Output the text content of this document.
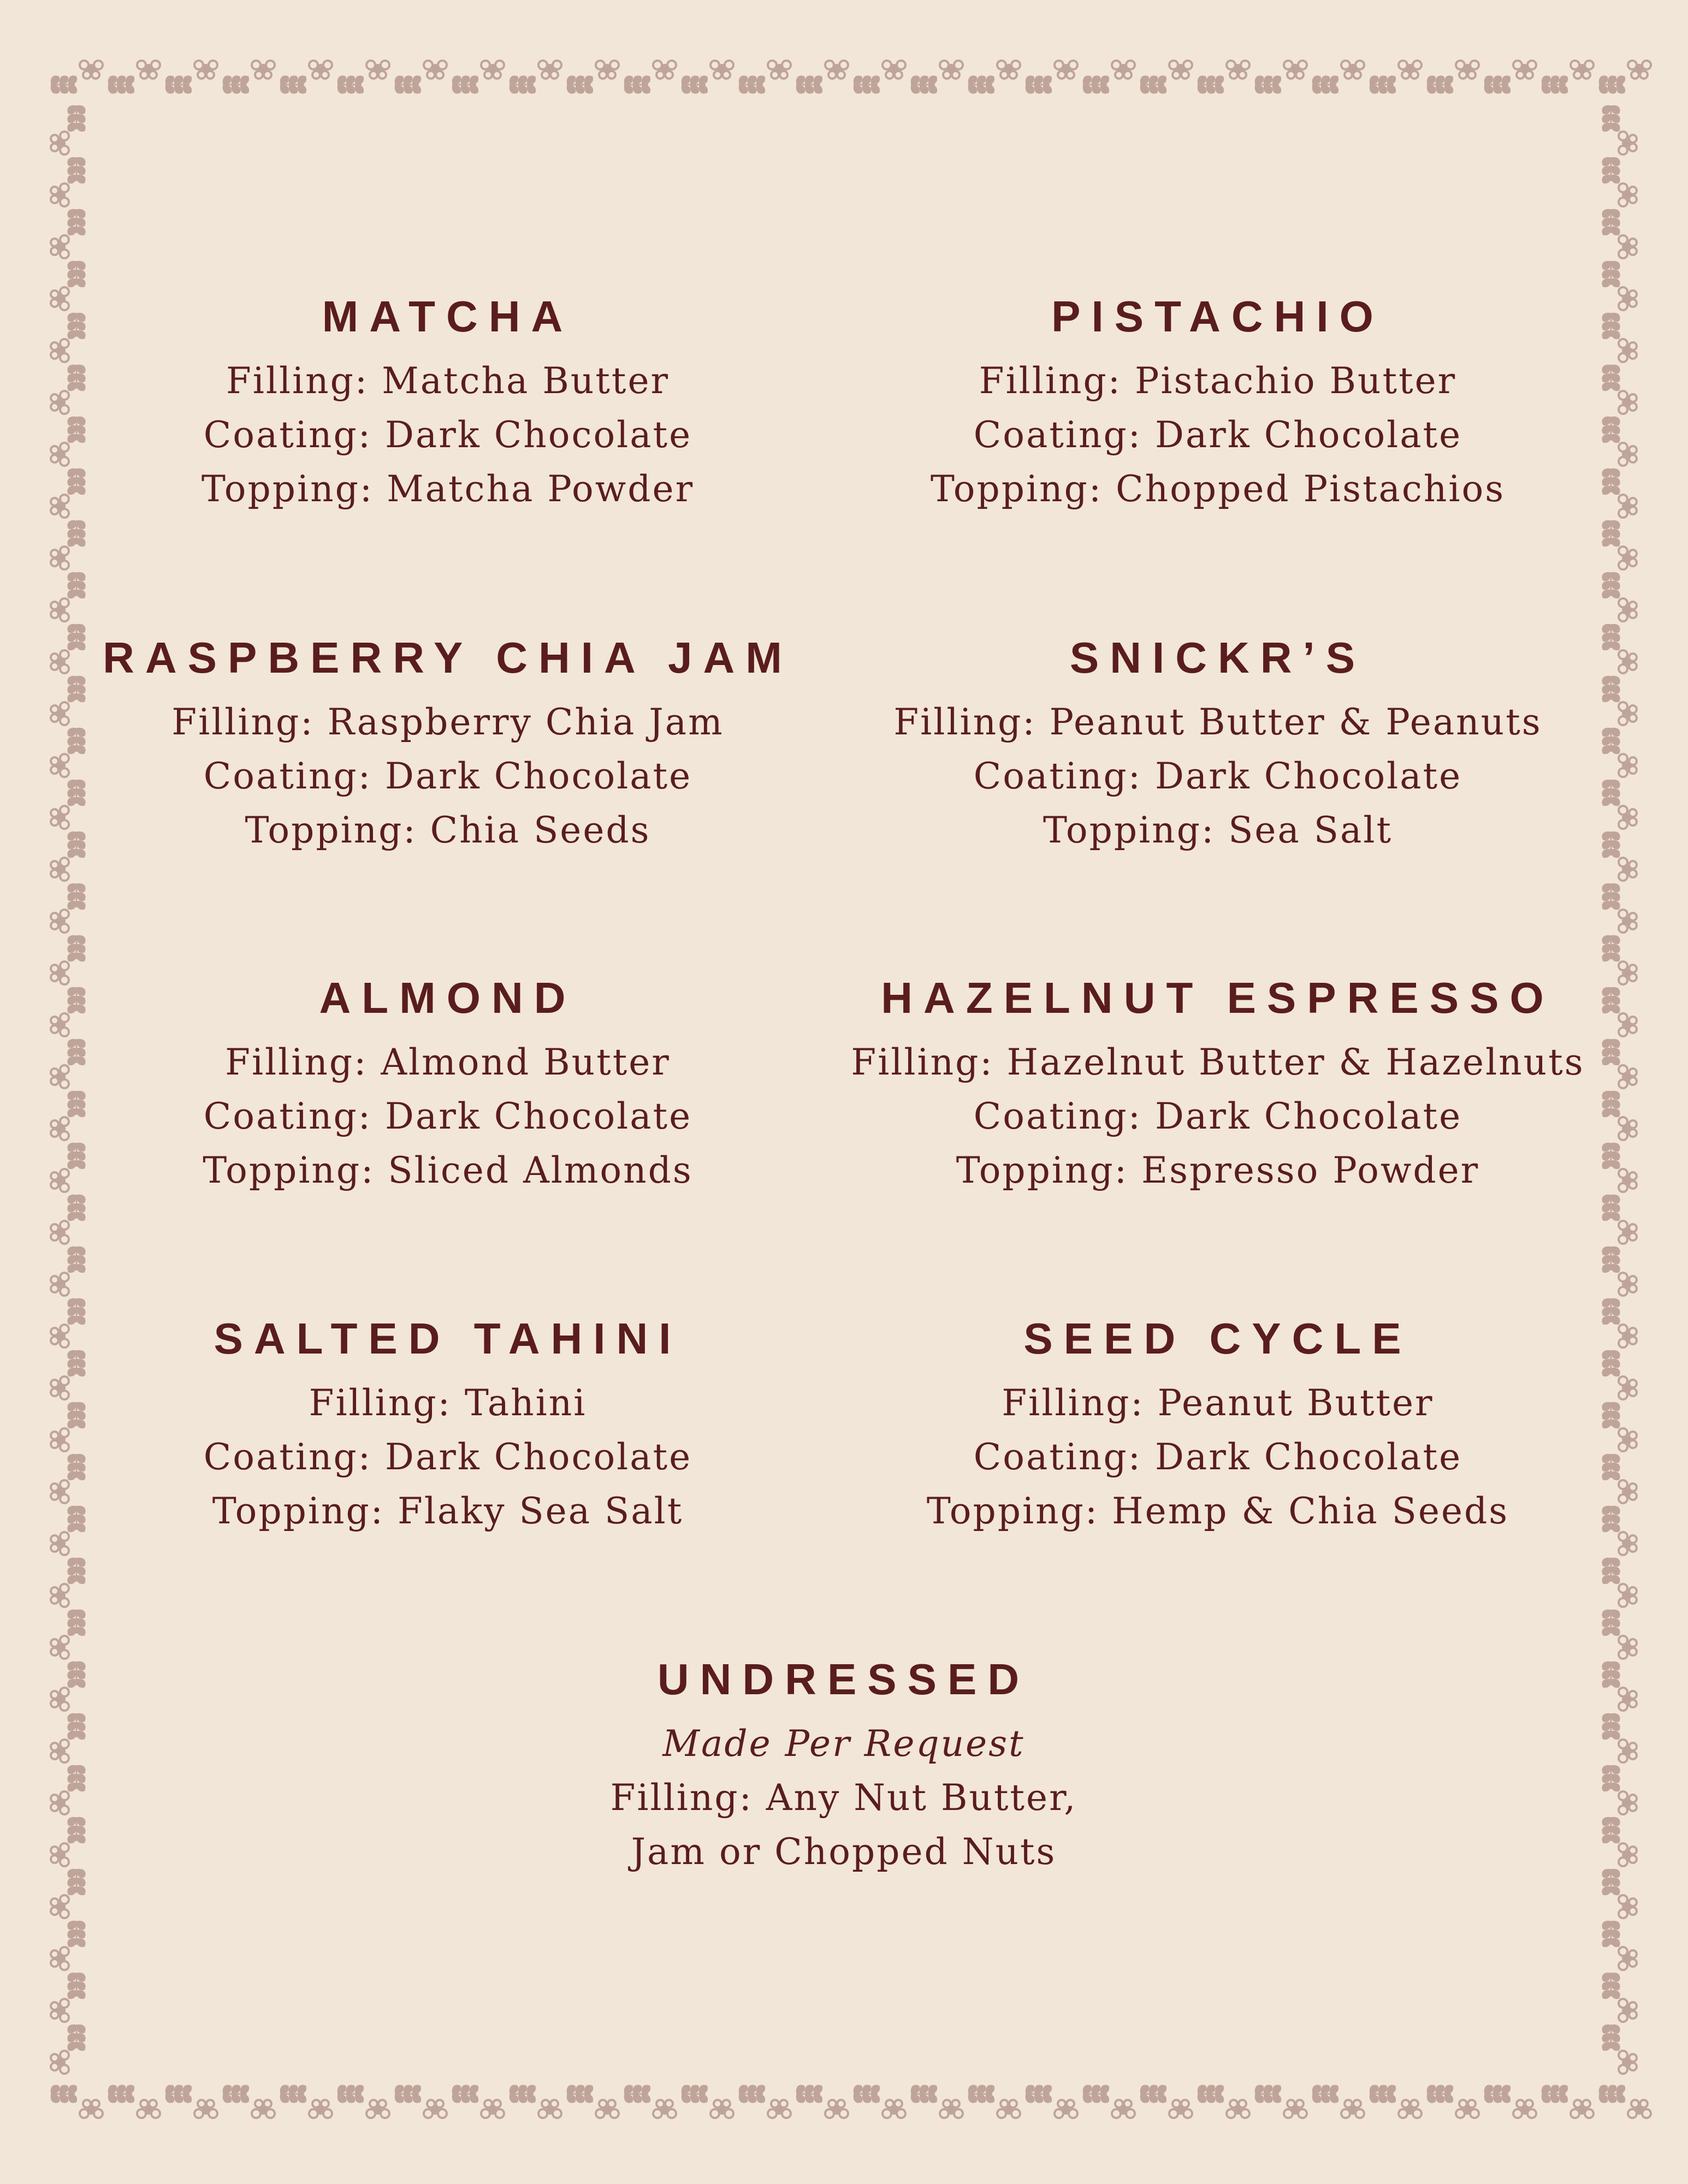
MATCHA
Filling: Matcha Butter
Coating: Dark Chocolate
Topping: Matcha Powder
PISTACHIO
Filling: Pistachio Butter
Coating: Dark Chocolate
Topping: Chopped Pistachios
RASPBERRY CHIA JAM
Filling: Raspberry Chia Jam
Coating: Dark Chocolate
Topping: Chia Seeds
SNICKR’S
Filling: Peanut Butter & Peanuts
Coating: Dark Chocolate
Topping: Sea Salt
ALMOND
Filling: Almond Butter
Coating: Dark Chocolate
Topping: Sliced Almonds
HAZELNUT ESPRESSO
Filling: Hazelnut Butter & Hazelnuts
Coating: Dark Chocolate
Topping: Espresso Powder
SALTED TAHINI
Filling: Tahini
Coating: Dark Chocolate
Topping: Flaky Sea Salt
SEED CYCLE
Filling: Peanut Butter
Coating: Dark Chocolate
Topping: Hemp & Chia Seeds
UNDRESSED
Made Per Request
Filling: Any Nut Butter,
Jam or Chopped Nuts
